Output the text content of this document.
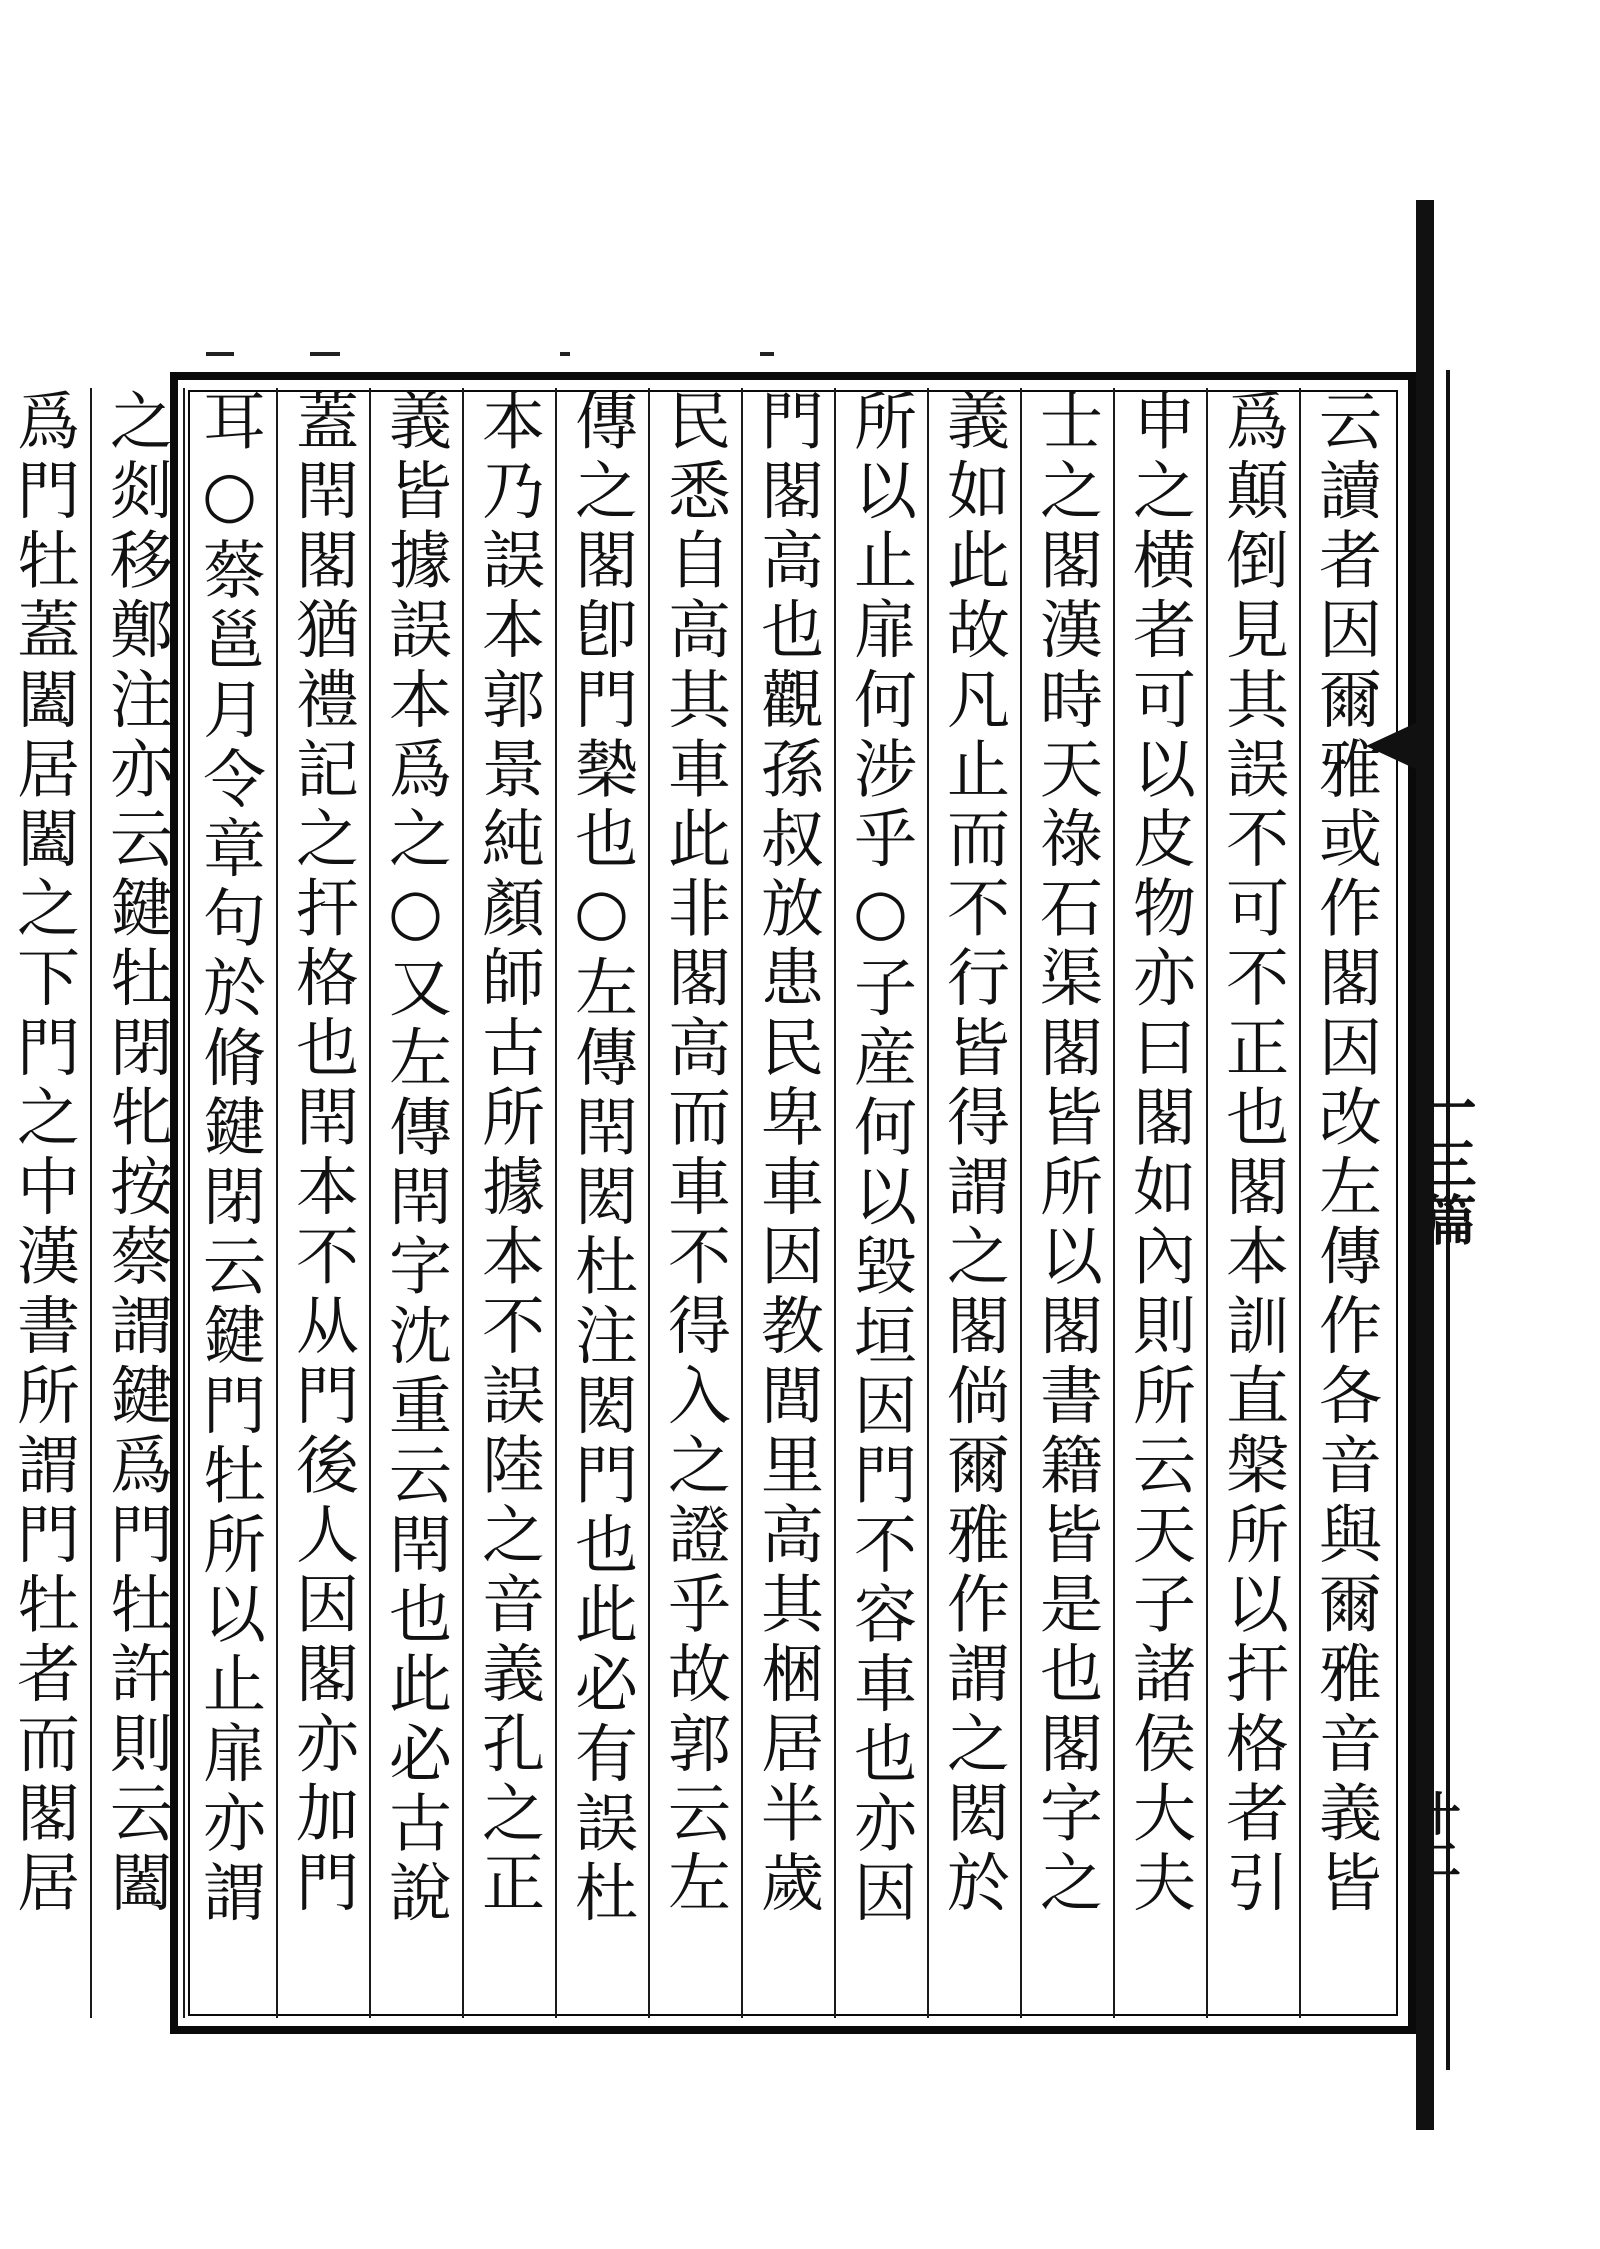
一三篇
十二
云讀者因爾雅或作閣因改左傳作各音與爾雅音義皆
爲顛倒見其誤不可不正也閣本訓直槃所以扞格者引
申之横者可以皮物亦曰閣如內則所云天子諸侯大夫
士之閣漢時天祿石渠閣皆所以閣書籍皆是也閣字之
義如此故凡止而不行皆得謂之閣倘爾雅作謂之閎於
所以止扉何涉乎○子産何以毀垣因門不容車也亦因
門閣高也觀孫叔放患民卑車因教閭里高其梱居半歲
民悉自高其車此非閣高而車不得入之證乎故郭云左
傳之閣卽門槷也○左傳閈閎杜注閎門也此必有誤杜
本乃誤本郭景純顏師古所據本不誤陸之音義孔之正
義皆據誤本爲之○又左傳閈字沈重云閈也此必古說
蓋閈閣猶禮記之扞格也閈本不从門後人因閣亦加門
耳○蔡邕月令章句於脩鍵閉云鍵門牡所以止扉亦謂
之剡移鄭注亦云鍵牡閉牝按蔡謂鍵爲門牡許則云闔
爲門牡蓋闔居闔之下門之中漢書所謂門牡者而閣居
